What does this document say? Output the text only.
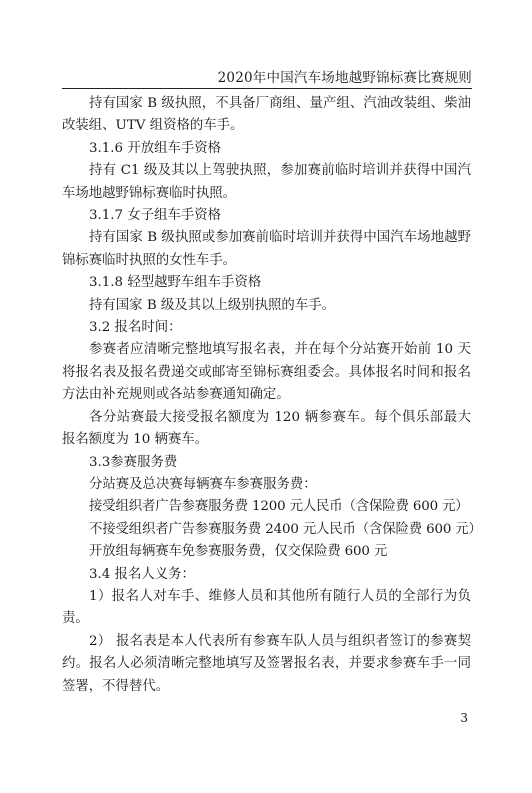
2020年中国汽车场地越野锦标赛比赛规则

持有国家 B 级执照，不具备厂商组、量产组、汽油改装组、柴油改装组、UTV 组资格的车手。

3.1.6 开放组车手资格

持有 C1 级及其以上驾驶执照，参加赛前临时培训并获得中国汽车场地越野锦标赛临时执照。

3.1.7 女子组车手资格

持有国家 B 级执照或参加赛前临时培训并获得中国汽车场地越野锦标赛临时执照的女性车手。

3.1.8 轻型越野车组车手资格

持有国家 B 级及其以上级别执照的车手。

3.2 报名时间：

参赛者应清晰完整地填写报名表，并在每个分站赛开始前 10 天将报名表及报名费递交或邮寄至锦标赛组委会。具体报名时间和报名方法由补充规则或各站参赛通知确定。

各分站赛最大接受报名额度为 120 辆参赛车。每个俱乐部最大报名额度为 10 辆赛车。

3.3参赛服务费

分站赛及总决赛每辆赛车参赛服务费：

接受组织者广告参赛服务费 1200 元人民币（含保险费 600 元）

不接受组织者广告参赛服务费 2400 元人民币（含保险费 600 元）

开放组每辆赛车免参赛服务费，仅交保险费 600 元

3.4 报名人义务：

1）报名人对车手、维修人员和其他所有随行人员的全部行为负责。

2） 报名表是本人代表所有参赛车队人员与组织者签订的参赛契约。报名人必须清晰完整地填写及签署报名表，并要求参赛车手一同签署，不得替代。

3
